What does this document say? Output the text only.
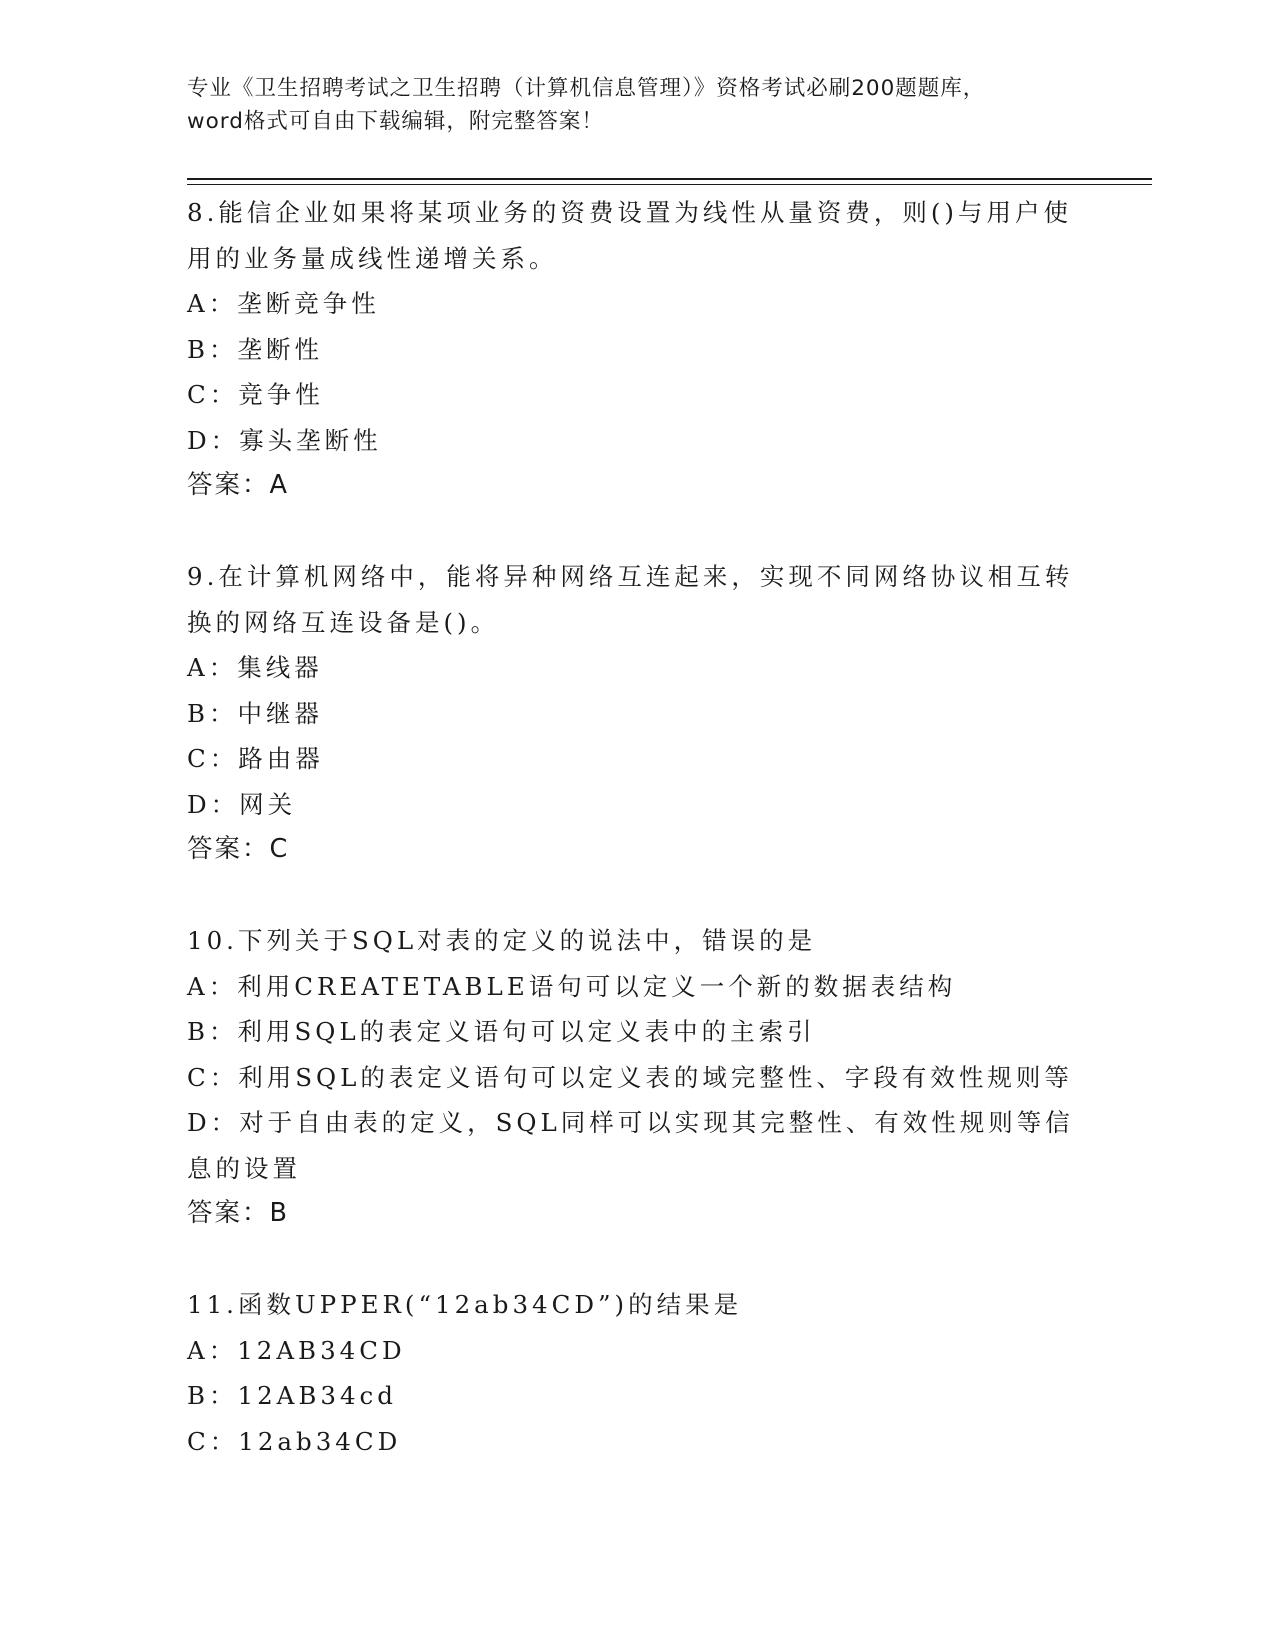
专业《卫生招聘考试之卫生招聘（计算机信息管理）》资格考试必刷200题题库，

word格式可自由下载编辑，附完整答案！

8.能信企业如果将某项业务的资费设置为线性从量资费，则()与用户使用的业务量成线性递增关系。

A：垄断竞争性

B：垄断性

C：竞争性

D：寡头垄断性

答案：A

9.在计算机网络中，能将异种网络互连起来，实现不同网络协议相互转换的网络互连设备是()。

A：集线器

B：中继器

C：路由器

D：网关

答案：C

10.下列关于SQL对表的定义的说法中，错误的是

A：利用CREATETABLE语句可以定义一个新的数据表结构

B：利用SQL的表定义语句可以定义表中的主索引

C：利用SQL的表定义语句可以定义表的域完整性、字段有效性规则等

D：对于自由表的定义，SQL同样可以实现其完整性、有效性规则等信息的设置

答案：B

11.函数UPPER(“12ab34CD”)的结果是

A：12AB34CD

B：12AB34cd

C：12ab34CD
